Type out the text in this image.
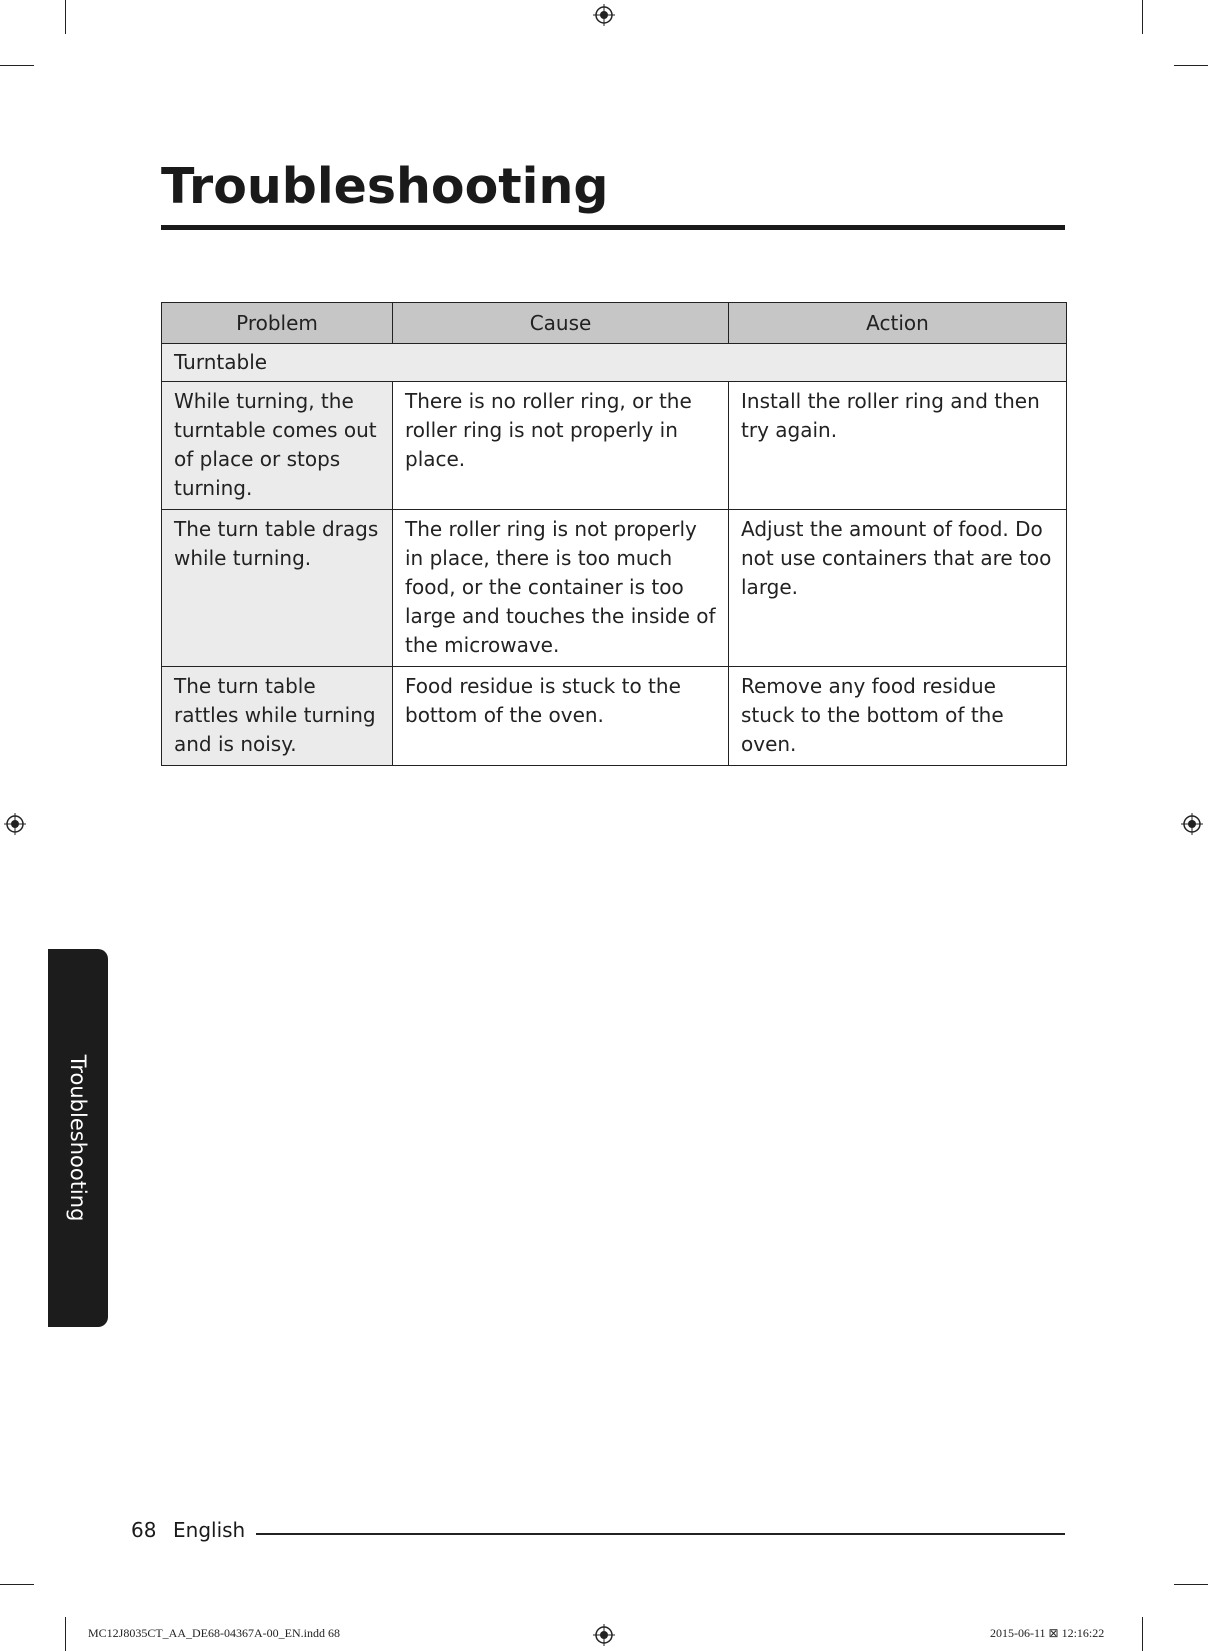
Troubleshooting
Problem	Cause	Action
Turntable		
While turning, the turntable comes out of place or stops turning.	There is no roller ring, or the roller ring is not properly in place.	Install the roller ring and then try again.
The turn table drags while turning.	The roller ring is not properly in place, there is too much food, or the container is too large and touches the inside of the microwave.	Adjust the amount of food. Do not use containers that are too large.
The turn table rattles while turning and is noisy.	Food residue is stuck to the bottom of the oven.	Remove any food residue stuck to the bottom of the oven.
Troubleshooting
68 English
MC12J8035CT_AA_DE68-04367A-00_EN.indd 68	2015-06-11 ⊠ 12:16:22
